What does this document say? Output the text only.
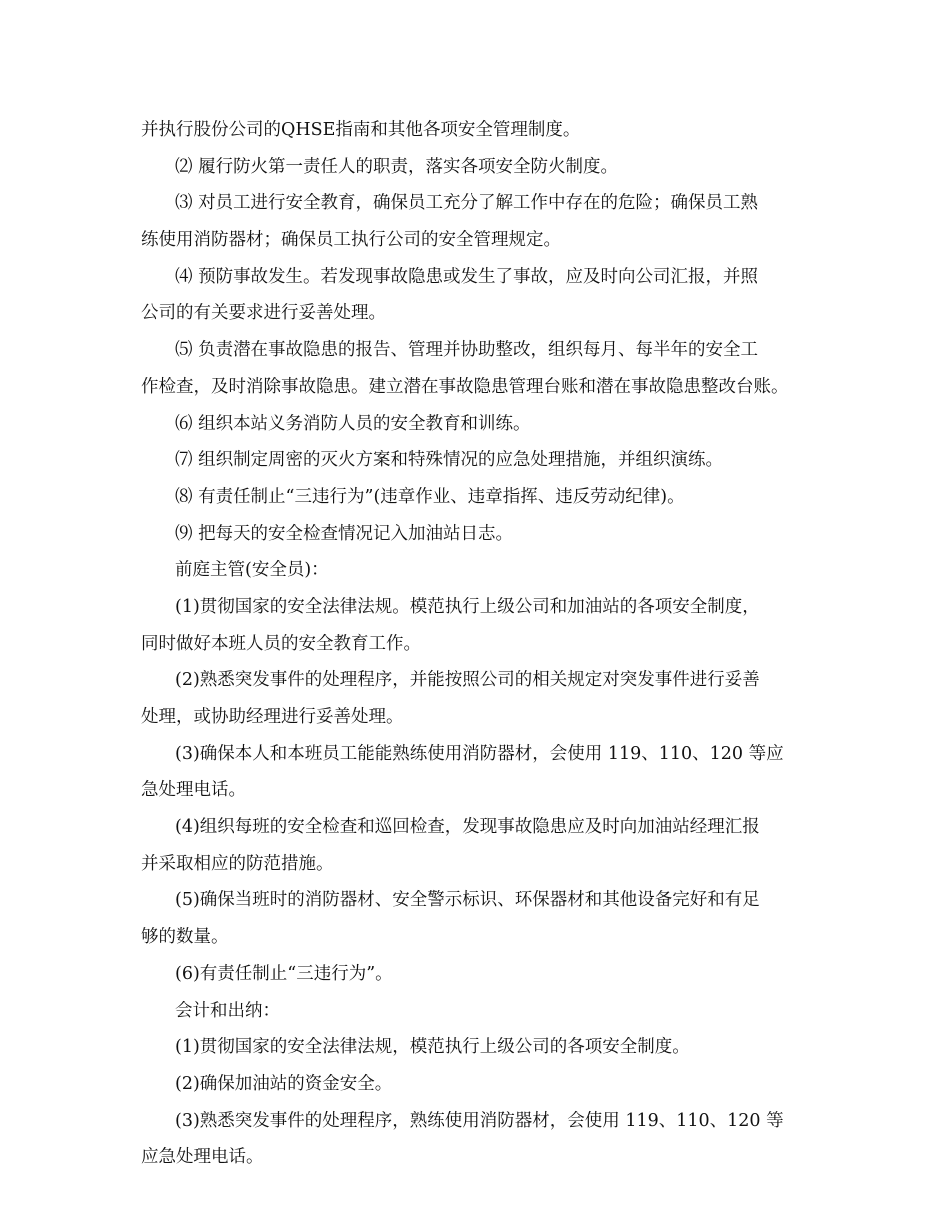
并执行股份公司的QHSE指南和其他各项安全管理制度。
⑵ 履行防火第一责任人的职责，落实各项安全防火制度。
⑶ 对员工进行安全教育，确保员工充分了解工作中存在的危险；确保员工熟
练使用消防器材；确保员工执行公司的安全管理规定。
⑷ 预防事故发生。若发现事故隐患或发生了事故，应及时向公司汇报，并照
公司的有关要求进行妥善处理。
⑸ 负责潜在事故隐患的报告、管理并协助整改，组织每月、每半年的安全工
作检查，及时消除事故隐患。建立潜在事故隐患管理台账和潜在事故隐患整改台账。
⑹ 组织本站义务消防人员的安全教育和训练。
⑺ 组织制定周密的灭火方案和特殊情况的应急处理措施，并组织演练。
⑻ 有责任制止“三违行为”(违章作业、违章指挥、违反劳动纪律)。
⑼ 把每天的安全检查情况记入加油站日志。
前庭主管(安全员)：
(1)贯彻国家的安全法律法规。模范执行上级公司和加油站的各项安全制度，
同时做好本班人员的安全教育工作。
(2)熟悉突发事件的处理程序，并能按照公司的相关规定对突发事件进行妥善
处理，或协助经理进行妥善处理。
(3)确保本人和本班员工能能熟练使用消防器材，会使用 119、110、120 等应
急处理电话。
(4)组织每班的安全检查和巡回检查，发现事故隐患应及时向加油站经理汇报
并采取相应的防范措施。
(5)确保当班时的消防器材、安全警示标识、环保器材和其他设备完好和有足
够的数量。
(6)有责任制止“三违行为”。
会计和出纳：
(1)贯彻国家的安全法律法规，模范执行上级公司的各项安全制度。
(2)确保加油站的资金安全。
(3)熟悉突发事件的处理程序，熟练使用消防器材，会使用 119、110、120 等
应急处理电话。
